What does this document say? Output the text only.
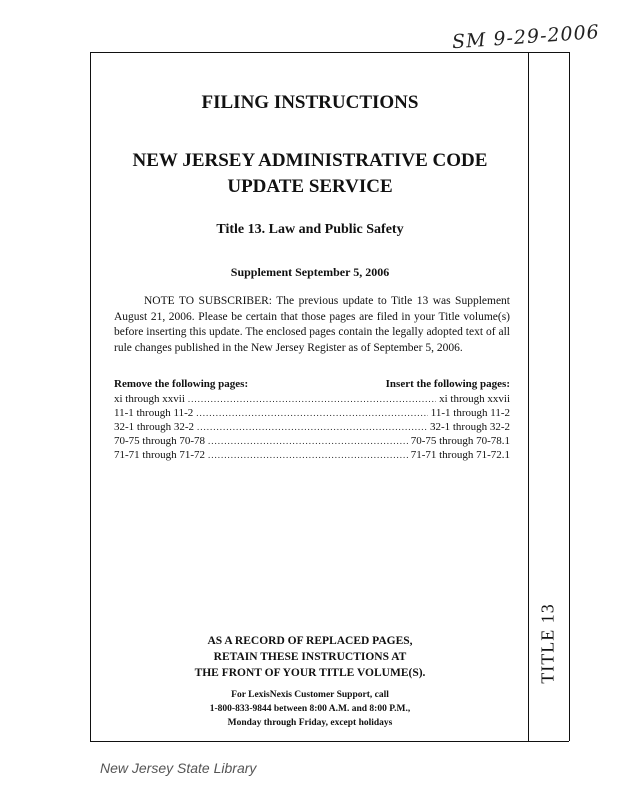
SM 9-29-2006
TITLE 13
FILING INSTRUCTIONS
NEW JERSEY ADMINISTRATIVE CODE
UPDATE SERVICE
Title 13. Law and Public Safety
Supplement September 5, 2006
NOTE TO SUBSCRIBER: The previous update to Title 13 was Supplement August 21, 2006. Please be certain that those pages are filed in your Title volume(s) before inserting this update. The enclosed pages contain the legally adopted text of all rule changes published in the New Jersey Register as of September 5, 2006.
Remove the following pages:	Insert the following pages:
xi through xxvii .....	xi through xxvii
11-1 through 11-2 .....	11-1 through 11-2
32-1 through 32-2 .....	32-1 through 32-2
70-75 through 70-78 .....	70-75 through 70-78.1
71-71 through 71-72 .....	71-71 through 71-72.1
AS A RECORD OF REPLACED PAGES,
RETAIN THESE INSTRUCTIONS AT
THE FRONT OF YOUR TITLE VOLUME(S).
For LexisNexis Customer Support, call
1-800-833-9844 between 8:00 A.M. and 8:00 P.M.,
Monday through Friday, except holidays
New Jersey State Library
